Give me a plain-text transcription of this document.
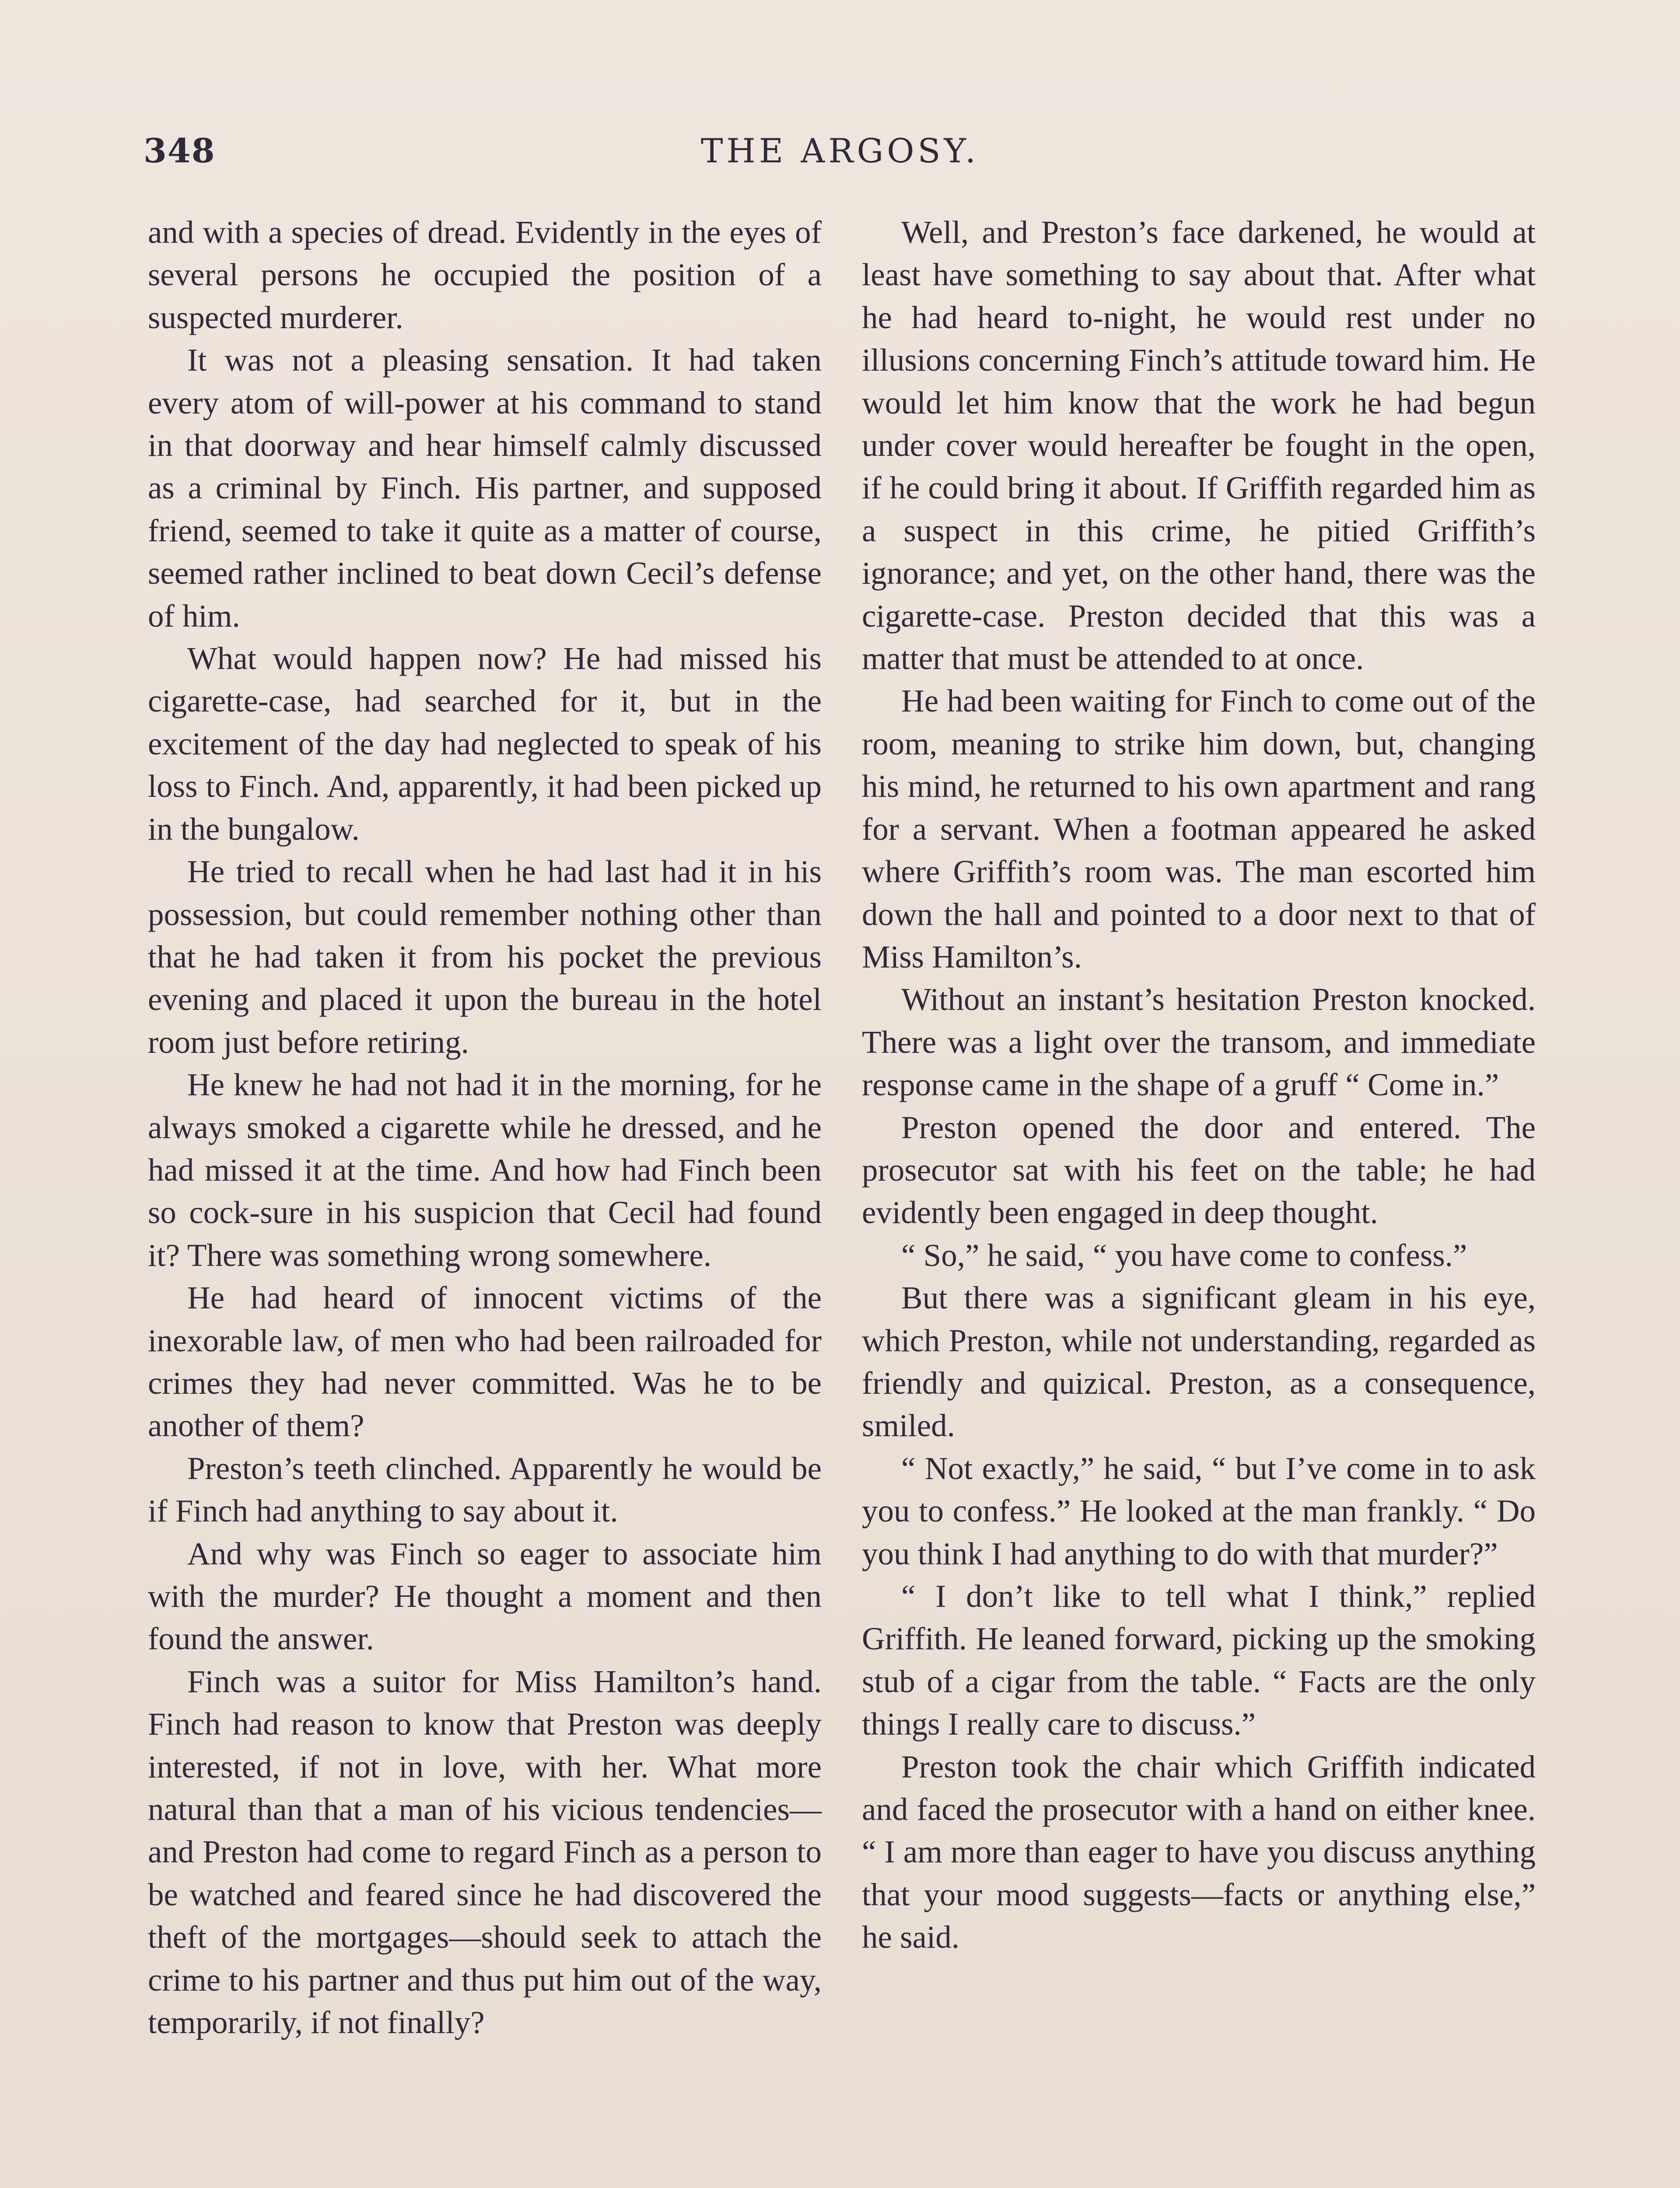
348	THE ARGOSY.

and with a species of dread. Evidently in the eyes of several persons he occupied the position of a suspected murderer.

It was not a pleasing sensation. It had taken every atom of will-power at his command to stand in that doorway and hear himself calmly discussed as a criminal by Finch. His partner, and supposed friend, seemed to take it quite as a matter of course, seemed rather inclined to beat down Cecil’s defense of him.

What would happen now? He had missed his cigarette-case, had searched for it, but in the excitement of the day had neglected to speak of his loss to Finch. And, apparently, it had been picked up in the bungalow.

He tried to recall when he had last had it in his possession, but could remember nothing other than that he had taken it from his pocket the previous evening and placed it upon the bureau in the hotel room just before retiring.

He knew he had not had it in the morning, for he always smoked a cigarette while he dressed, and he had missed it at the time. And how had Finch been so cock-sure in his suspicion that Cecil had found it? There was something wrong somewhere.

He had heard of innocent victims of the inexorable law, of men who had been railroaded for crimes they had never committed. Was he to be another of them?

Preston’s teeth clinched. Apparently he would be if Finch had anything to say about it.

And why was Finch so eager to associate him with the murder? He thought a moment and then found the answer.

Finch was a suitor for Miss Hamilton’s hand. Finch had reason to know that Preston was deeply interested, if not in love, with her. What more natural than that a man of his vicious tendencies—and Preston had come to regard Finch as a person to be watched and feared since he had discovered the theft of the mortgages—should seek to attach the crime to his partner and thus put him out of the way, temporarily, if not finally?

Well, and Preston’s face darkened, he would at least have something to say about that. After what he had heard to-night, he would rest under no illusions concerning Finch’s attitude toward him. He would let him know that the work he had begun under cover would hereafter be fought in the open, if he could bring it about. If Griffith regarded him as a suspect in this crime, he pitied Griffith’s ignorance; and yet, on the other hand, there was the cigarette-case. Preston decided that this was a matter that must be attended to at once.

He had been waiting for Finch to come out of the room, meaning to strike him down, but, changing his mind, he returned to his own apartment and rang for a servant. When a footman appeared he asked where Griffith’s room was. The man escorted him down the hall and pointed to a door next to that of Miss Hamilton’s.

Without an instant’s hesitation Preston knocked. There was a light over the transom, and immediate response came in the shape of a gruff “ Come in.”

Preston opened the door and entered. The prosecutor sat with his feet on the table; he had evidently been engaged in deep thought.

“ So,” he said, “ you have come to confess.”

But there was a significant gleam in his eye, which Preston, while not understanding, regarded as friendly and quizical. Preston, as a consequence, smiled.

“ Not exactly,” he said, “ but I’ve come in to ask you to confess.” He looked at the man frankly. “ Do you think I had anything to do with that murder?”

“ I don’t like to tell what I think,” replied Griffith. He leaned forward, picking up the smoking stub of a cigar from the table. “ Facts are the only things I really care to discuss.”

Preston took the chair which Griffith indicated and faced the prosecutor with a hand on either knee. “ I am more than eager to have you discuss anything that your mood suggests—facts or anything else,” he said.
